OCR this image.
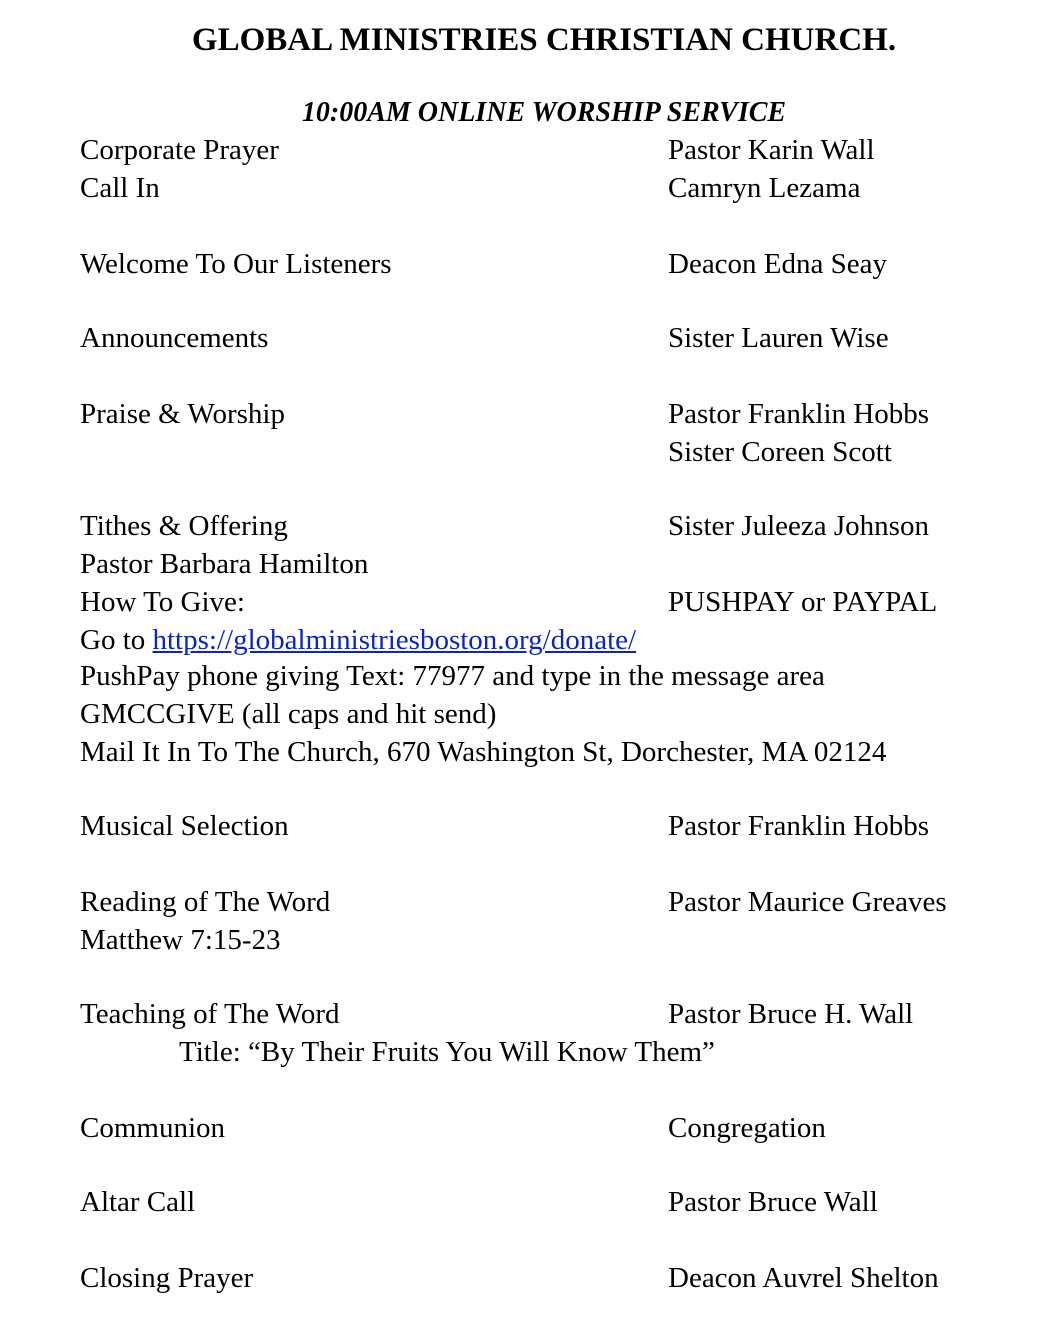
GLOBAL MINISTRIES CHRISTIAN CHURCH.
10:00AM ONLINE WORSHIP SERVICE
Corporate Prayer	Pastor Karin Wall
Call In	Camryn Lezama
Welcome To Our Listeners	Deacon Edna Seay
Announcements	Sister Lauren Wise
Praise & Worship	Pastor Franklin Hobbs
Sister Coreen Scott
Tithes & Offering	Sister Juleeza Johnson
Pastor Barbara Hamilton
How To Give:	PUSHPAY or PAYPAL
Go to https://globalministriesboston.org/donate/
PushPay phone giving Text: 77977 and type in the message area
GMCCGIVE (all caps and hit send)
Mail It In To The Church, 670 Washington St, Dorchester, MA 02124
Musical Selection	Pastor Franklin Hobbs
Reading of The Word	Pastor Maurice Greaves
Matthew 7:15-23
Teaching of The Word	Pastor Bruce H. Wall
Title: “By Their Fruits You Will Know Them”
Communion	Congregation
Altar Call	Pastor Bruce Wall
Closing Prayer	Deacon Auvrel Shelton
